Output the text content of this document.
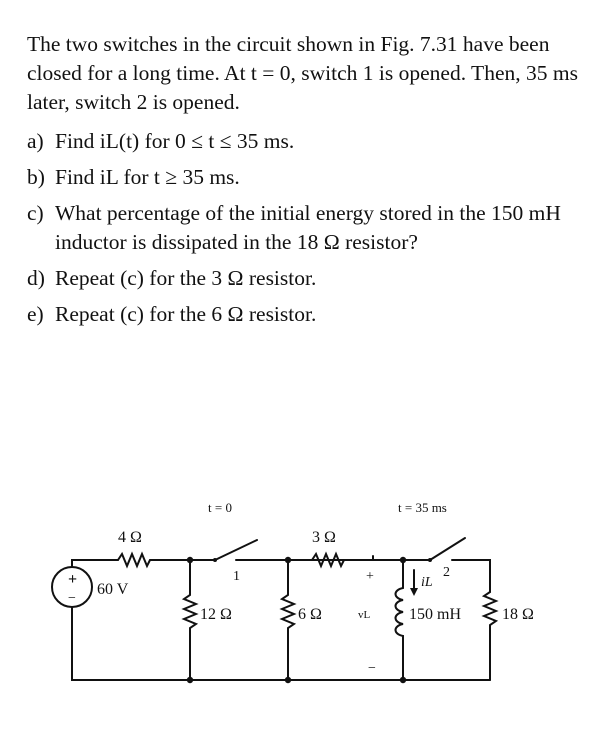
The two switches in the circuit shown in Fig. 7.31 have been closed for a long time. At t = 0, switch 1 is opened. Then, 35 ms later, switch 2 is opened.

a) Find iL(t) for 0 ≤ t ≤ 35 ms.
b) Find iL for t ≥ 35 ms.
c) What percentage of the initial energy stored in the 150 mH inductor is dissipated in the 18 Ω resistor?
d) Repeat (c) for the 3 Ω resistor.
e) Repeat (c) for the 6 Ω resistor.
+
−
60 V
4 Ω
t = 0
1
12 Ω
3 Ω
+
6 Ω	vL
−
iL
t = 35 ms
2
150 mH	18 Ω
